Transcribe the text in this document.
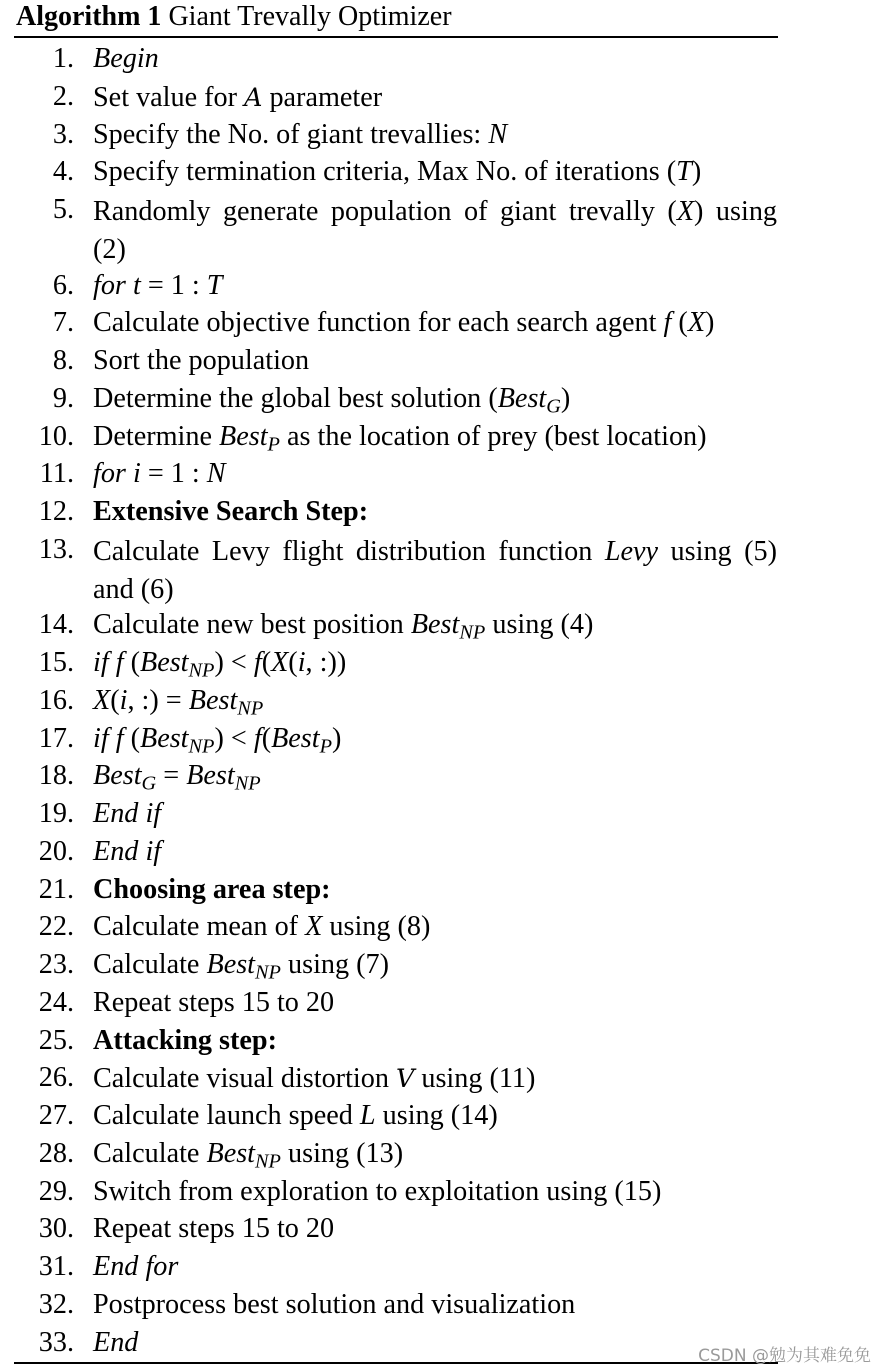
Algorithm 1 Giant Trevally Optimizer
1. Begin
2. Set value for A parameter
3. Specify the No. of giant trevallies: N
4. Specify termination criteria, Max No. of iterations (T)
5. Randomly generate population of giant trevally (X) using (2)
6. for t = 1 : T
7. Calculate objective function for each search agent f (X)
8. Sort the population
9. Determine the global best solution (Best$_G$)
10. Determine Best$_P$ as the location of prey (best location)
11. for i = 1 : N
12. Extensive Search Step:
13. Calculate Levy flight distribution function Levy using (5) and (6)
14. Calculate new best position Best$_{NP}$ using (4)
15. if f (Best$_{NP}$) < f(X(i, :))
16. X(i, :) = Best$_{NP}$
17. if f (Best$_{NP}$) < f(Best$_P$)
18. Best$_G$ = Best$_{NP}$
19. End if
20. End if
21. Choosing area step:
22. Calculate mean of X using (8)
23. Calculate Best$_{NP}$ using (7)
24. Repeat steps 15 to 20
25. Attacking step:
26. Calculate visual distortion V using (11)
27. Calculate launch speed L using (14)
28. Calculate Best$_{NP}$ using (13)
29. Switch from exploration to exploitation using (15)
30. Repeat steps 15 to 20
31. End for
32. Postprocess best solution and visualization
33. End	CSDN @勉为其难免免
